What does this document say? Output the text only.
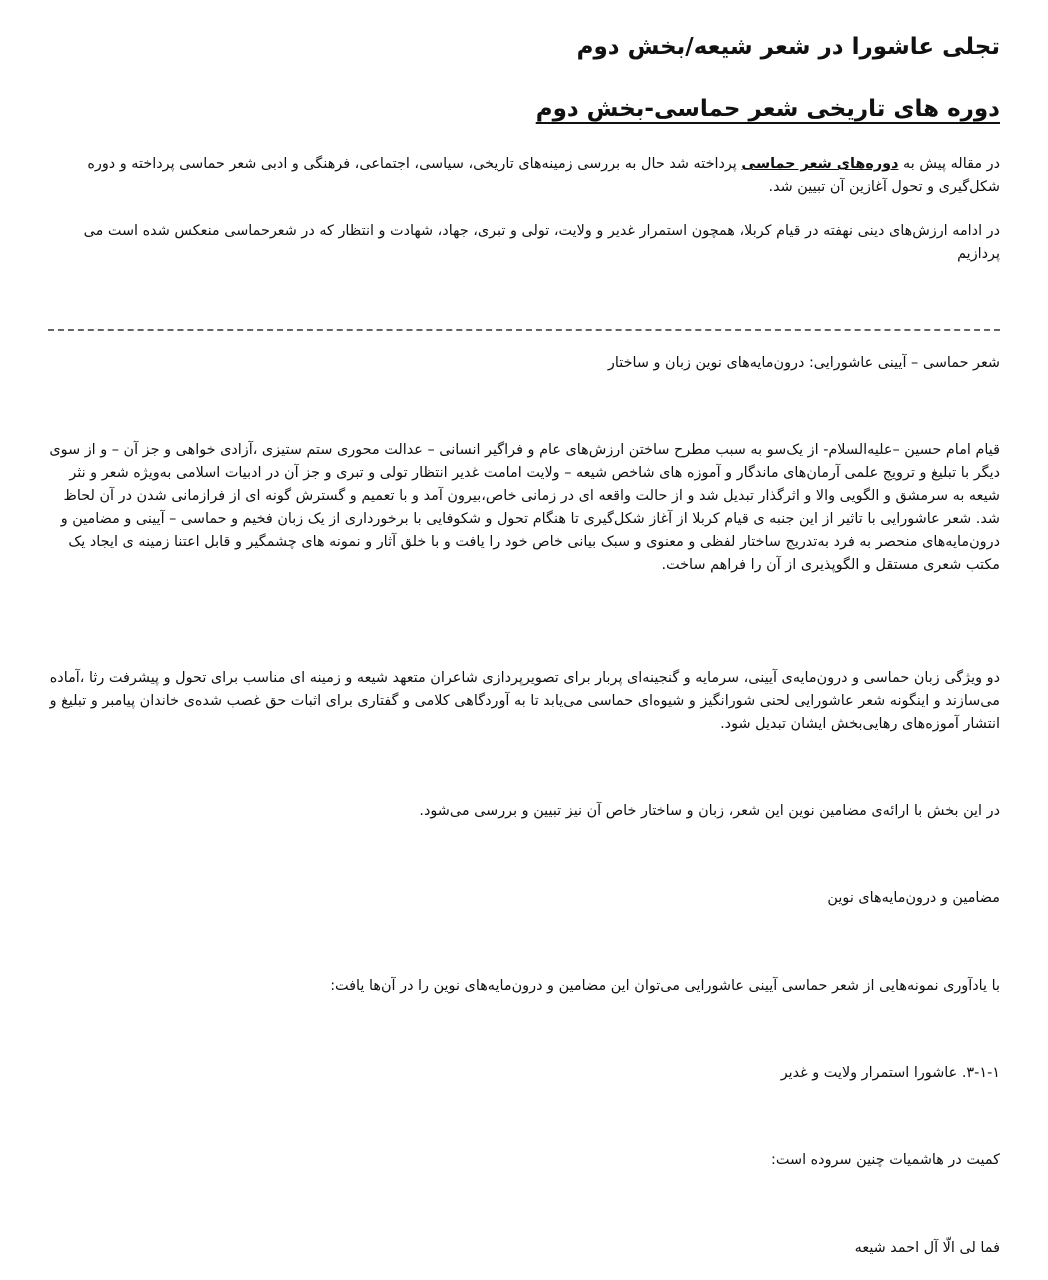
تجلی عاشورا در شعر شیعه/بخش دوم
دوره های تاریخی شعر حماسی-بخش دوم
در مقاله پیش به دوره‌های شعر حماسی پرداخته شد حال به بررسی زمینه‌های تاریخی، سیاسی، اجتماعی، فرهنگی و ادبی شعر حماسی پرداخته و دوره شکل‌گیری و تحول آغازین آن تبیین شد.
در ادامه ارزش‌های دینی نهفته در قیام کربلا، همچون استمرار غدیر و ولایت، تولی و تبری، جهاد، شهادت و انتظار که در شعرحماسی منعکس شده است می پردازیم
شعر حماسی – آیینی عاشورایی: درون‌مایه‌های نوین زبان و ساختار
قیام امام حسین –علیه‌السلام- از یک‌سو به سبب مطرح ساختن ارزش‌های عام و فراگیر انسانی – عدالت محوری ستم ستیزی ،آزادی خواهی و جز آن – و از سوی دیگر با تبلیغ و ترویج علمی آرمان‌های ماندگار و آموزه های شاخص شیعه – ولایت امامت غدیر انتظار تولی و تبری و جز آن در ادبیات اسلامی به‌ویژه شعر و نثر شیعه به سرمشق و الگویی والا و اثرگذار تبدیل شد و از حالت واقعه ای در زمانی خاص،بیرون آمد و با تعمیم و گسترش گونه ای از فرازمانی شدن در آن لحاظ شد. شعر عاشورایی با تاثیر از این جنبه ی قیام کربلا از آغاز شکل‌گیری تا هنگام تحول و شکوفایی با برخورداری از یک زبان فخیم و حماسی – آیینی و مضامین و درون‌مایه‌های منحصر به فرد به‌تدریج ساختار لفظی و معنوی و سبک بیانی خاص خود را یافت و با خلق آثار و نمونه های چشمگیر و قابل اعتنا زمینه ی ایجاد یک مکتب شعری مستقل و الگوپذیری از آن را فراهم ساخت.
دو ویژگی زبان حماسی و درون‌مایه‌ی آیینی، سرمایه و گنجینه‌ای پربار برای تصویرپردازی شاعران متعهد شیعه و زمینه ای مناسب برای تحول و پیشرفت رثا ،آماده می‌سازند و اینگونه شعر عاشورایی لحنی شورانگیز و شیوه‌ای حماسی می‌یابد تا به آوردگاهی کلامی و گفتاری برای اثبات حق غصب شده‌ی خاندان پیامبر و تبلیغ و انتشار آموزه‌های رهایی‌بخش ایشان تبدیل شود.
در این بخش با ارائه‌ی مضامین نوین این شعر، زبان و ساختار خاص آن نیز تبیین و بررسی می‌شود.
مضامین و درون‌مایه‌های نوین
با یادآوری نمونه‌هایی از شعر حماسی آیینی عاشورایی می‌توان این مضامین و درون‌مایه‌های نوین را در آن‌ها یافت:
۳-۱-۱. عاشورا استمرار ولایت و غدیر
کمیت در هاشمیات چنین سروده است:
فما لی الّا آل احمد شیعه
